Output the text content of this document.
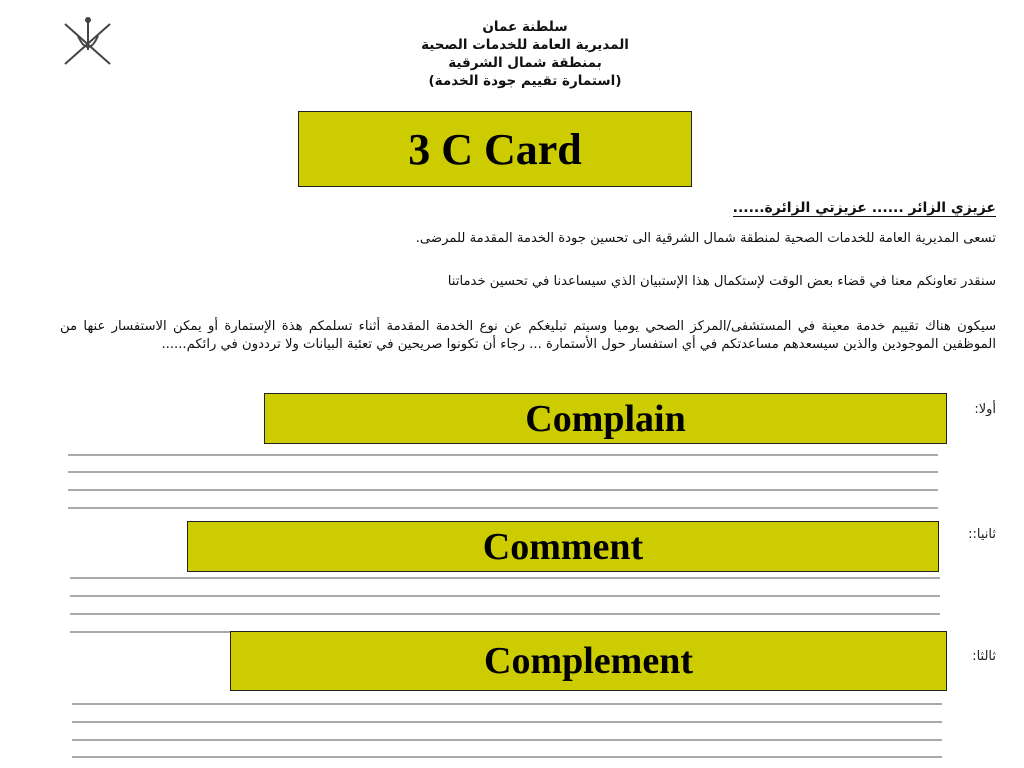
سلطنة عمان
المديرية العامة للخدمات الصحية
بمنطقة شمال الشرقية
(استمارة تقييم جودة الخدمة)
3 C Card
عزيزي الزائر ...... عزيزتي الزائرة......
تسعى المديرية العامة للخدمات الصحية لمنطقة شمال الشرقية الى تحسين جودة الخدمة المقدمة للمرضى.
سنقدر تعاونكم معنا في قضاء بعض الوقت لإستكمال هذا الإستبيان الذي سيساعدنا في تحسين خدماتنا
سيكون هناك تقييم خدمة معينة في المستشفى/المركز الصحي يوميا وسيتم تبليغكم عن نوع الخدمة المقدمة أثناء تسلمكم هذة الإستمارة أو يمكن الاستفسار عنها من الموظفين الموجودين والذين سيسعدهم مساعدتكم في أي استفسار حول الأستمارة ... رجاء أن تكونوا صريحين في تعئبة البيانات ولا ترددون في رائكم......
أولا:
ثانيا::
ثالثا:
Complain
Comment
Complement
